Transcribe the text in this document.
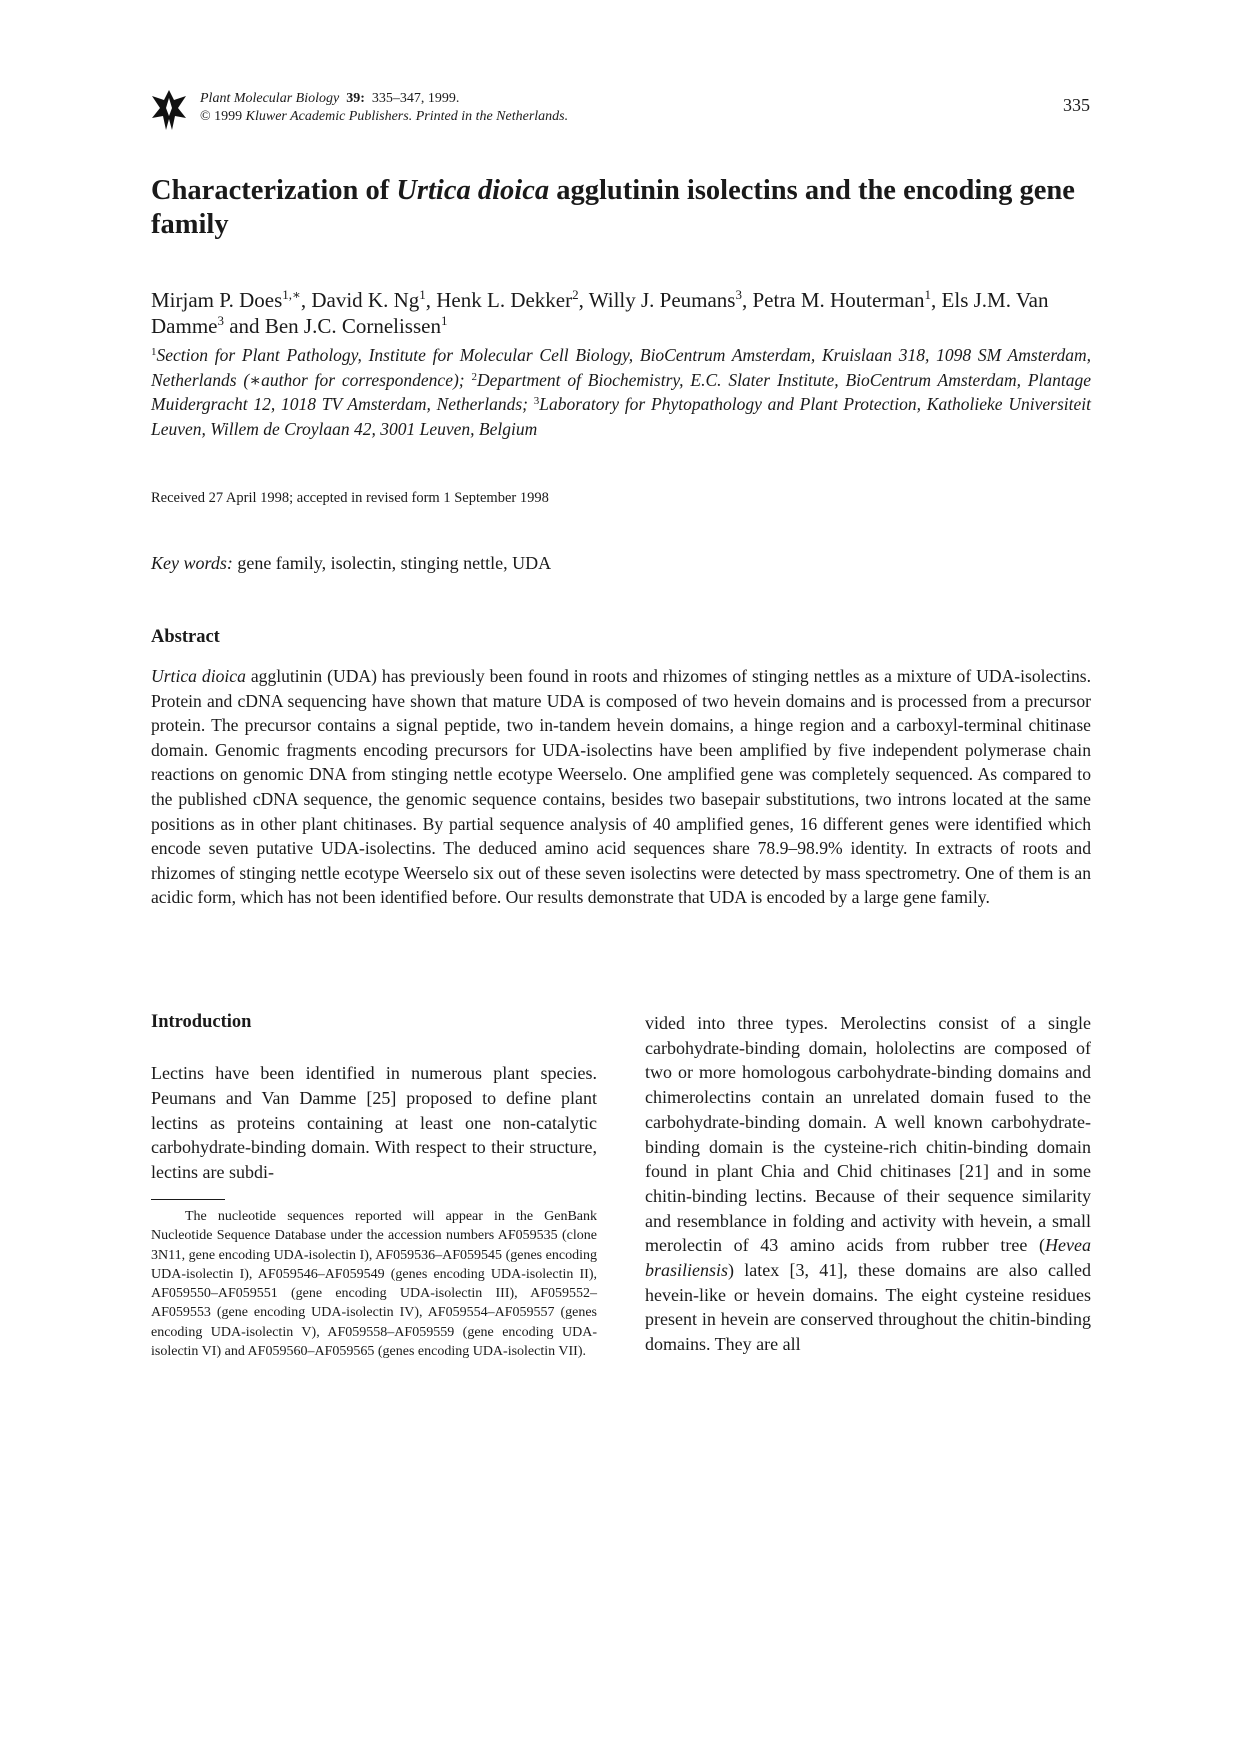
Plant Molecular Biology 39: 335–347, 1999.
© 1999 Kluwer Academic Publishers. Printed in the Netherlands.
335
Characterization of Urtica dioica agglutinin isolectins and the encoding gene family
Mirjam P. Does$^{1,∗}$, David K. Ng$^1$, Henk L. Dekker$^2$, Willy J. Peumans$^3$, Petra M. Houterman$^1$, Els J.M. Van Damme$^3$ and Ben J.C. Cornelissen$^1$
$^1$Section for Plant Pathology, Institute for Molecular Cell Biology, BioCentrum Amsterdam, Kruislaan 318, 1098 SM Amsterdam, Netherlands (∗author for correspondence); $^2$Department of Biochemistry, E.C. Slater Institute, BioCentrum Amsterdam, Plantage Muidergracht 12, 1018 TV Amsterdam, Netherlands; $^3$Laboratory for Phytopathology and Plant Protection, Katholieke Universiteit Leuven, Willem de Croylaan 42, 3001 Leuven, Belgium
Received 27 April 1998; accepted in revised form 1 September 1998
Key words: gene family, isolectin, stinging nettle, UDA
Abstract
Urtica dioica agglutinin (UDA) has previously been found in roots and rhizomes of stinging nettles as a mixture of UDA-isolectins. Protein and cDNA sequencing have shown that mature UDA is composed of two hevein domains and is processed from a precursor protein. The precursor contains a signal peptide, two in-tandem hevein domains, a hinge region and a carboxyl-terminal chitinase domain. Genomic fragments encoding precursors for UDA-isolectins have been amplified by five independent polymerase chain reactions on genomic DNA from stinging nettle ecotype Weerselo. One amplified gene was completely sequenced. As compared to the published cDNA sequence, the genomic sequence contains, besides two basepair substitutions, two introns located at the same positions as in other plant chitinases. By partial sequence analysis of 40 amplified genes, 16 different genes were identified which encode seven putative UDA-isolectins. The deduced amino acid sequences share 78.9–98.9% identity. In extracts of roots and rhizomes of stinging nettle ecotype Weerselo six out of these seven isolectins were detected by mass spectrometry. One of them is an acidic form, which has not been identified before. Our results demonstrate that UDA is encoded by a large gene family.
Introduction
Lectins have been identified in numerous plant species. Peumans and Van Damme [25] proposed to define plant lectins as proteins containing at least one non-catalytic carbohydrate-binding domain. With respect to their structure, lectins are subdi-
The nucleotide sequences reported will appear in the GenBank Nucleotide Sequence Database under the accession numbers AF059535 (clone 3N11, gene encoding UDA-isolectin I), AF059536–AF059545 (genes encoding UDA-isolectin I), AF059546–AF059549 (genes encoding UDA-isolectin II), AF059550–AF059551 (gene encoding UDA-isolectin III), AF059552–AF059553 (gene encoding UDA-isolectin IV), AF059554–AF059557 (genes encoding UDA-isolectin V), AF059558–AF059559 (gene encoding UDA-isolectin VI) and AF059560–AF059565 (genes encoding UDA-isolectin VII).
vided into three types. Merolectins consist of a single carbohydrate-binding domain, hololectins are composed of two or more homologous carbohydrate-binding domains and chimerolectins contain an unrelated domain fused to the carbohydrate-binding domain. A well known carbohydrate-binding domain is the cysteine-rich chitin-binding domain found in plant Chia and Chid chitinases [21] and in some chitin-binding lectins. Because of their sequence similarity and resemblance in folding and activity with hevein, a small merolectin of 43 amino acids from rubber tree (Hevea brasiliensis) latex [3, 41], these domains are also called hevein-like or hevein domains. The eight cysteine residues present in hevein are conserved throughout the chitin-binding domains. They are all
